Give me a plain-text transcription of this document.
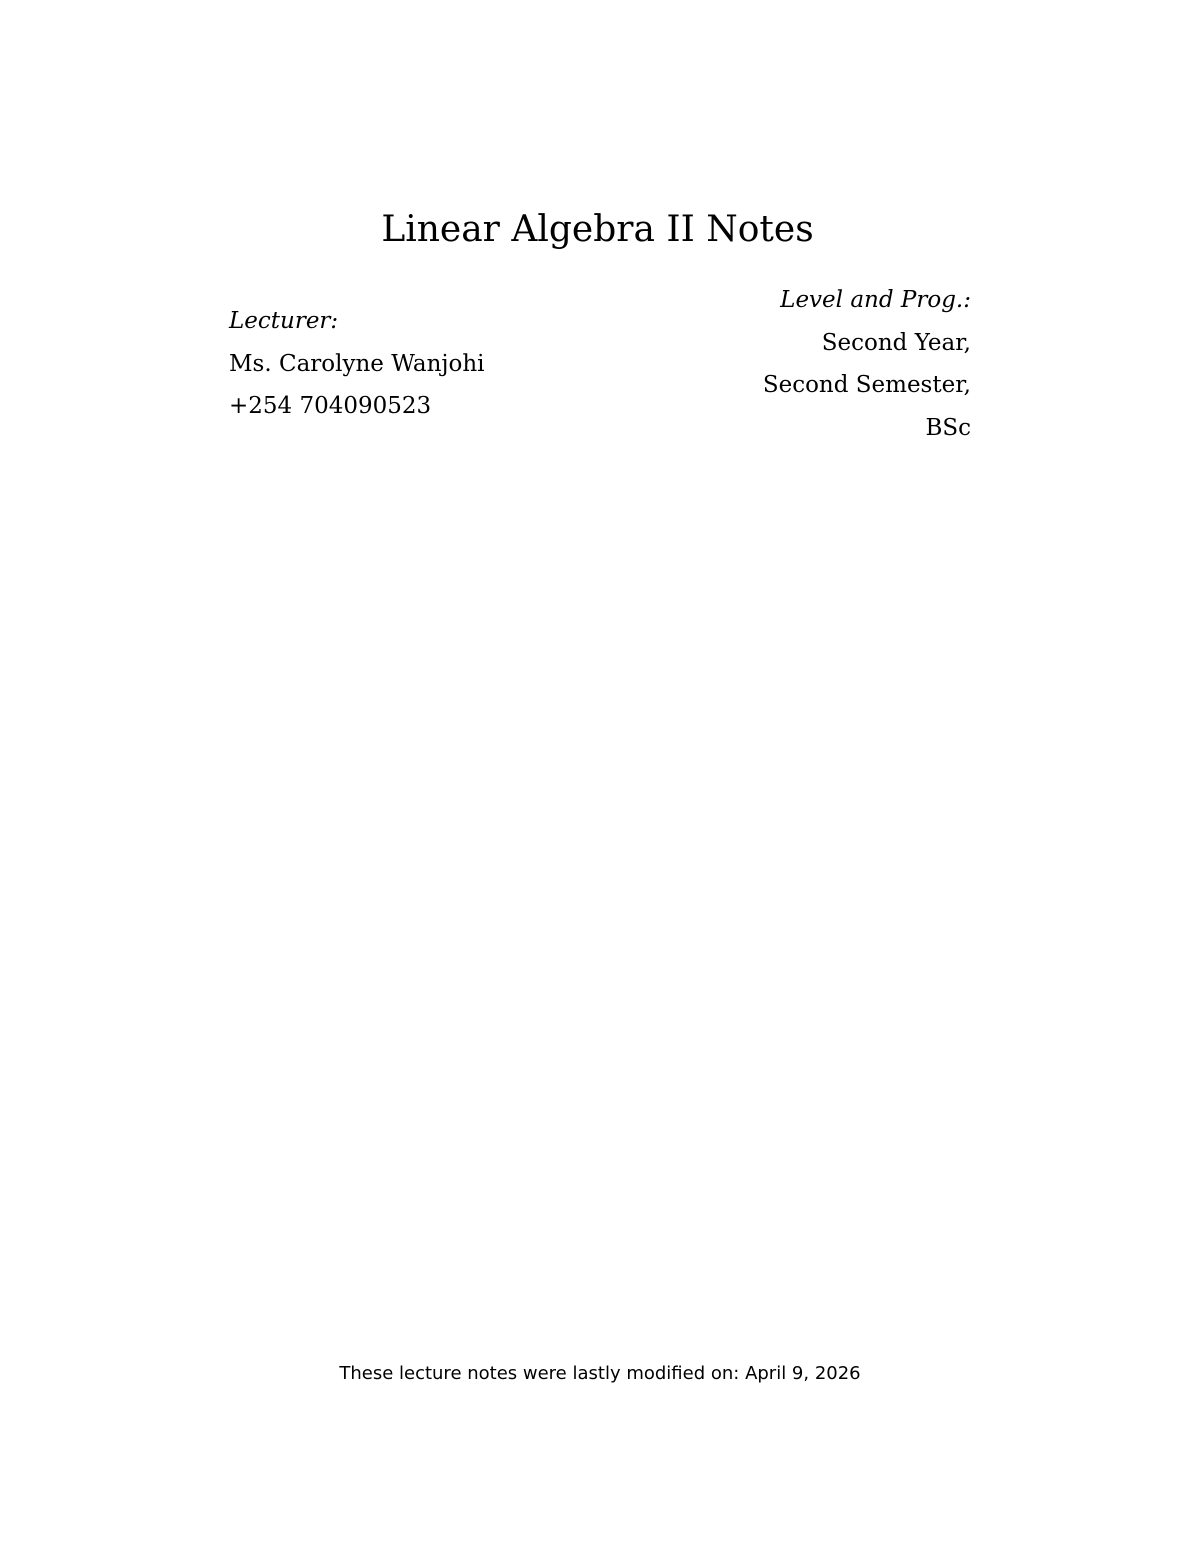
Linear Algebra II Notes
Lecturer:
Ms. Carolyne Wanjohi
+254 704090523
Level and Prog.:
Second Year,
Second Semester,
BSc
These lecture notes were lastly modified on: April 9, 2026
